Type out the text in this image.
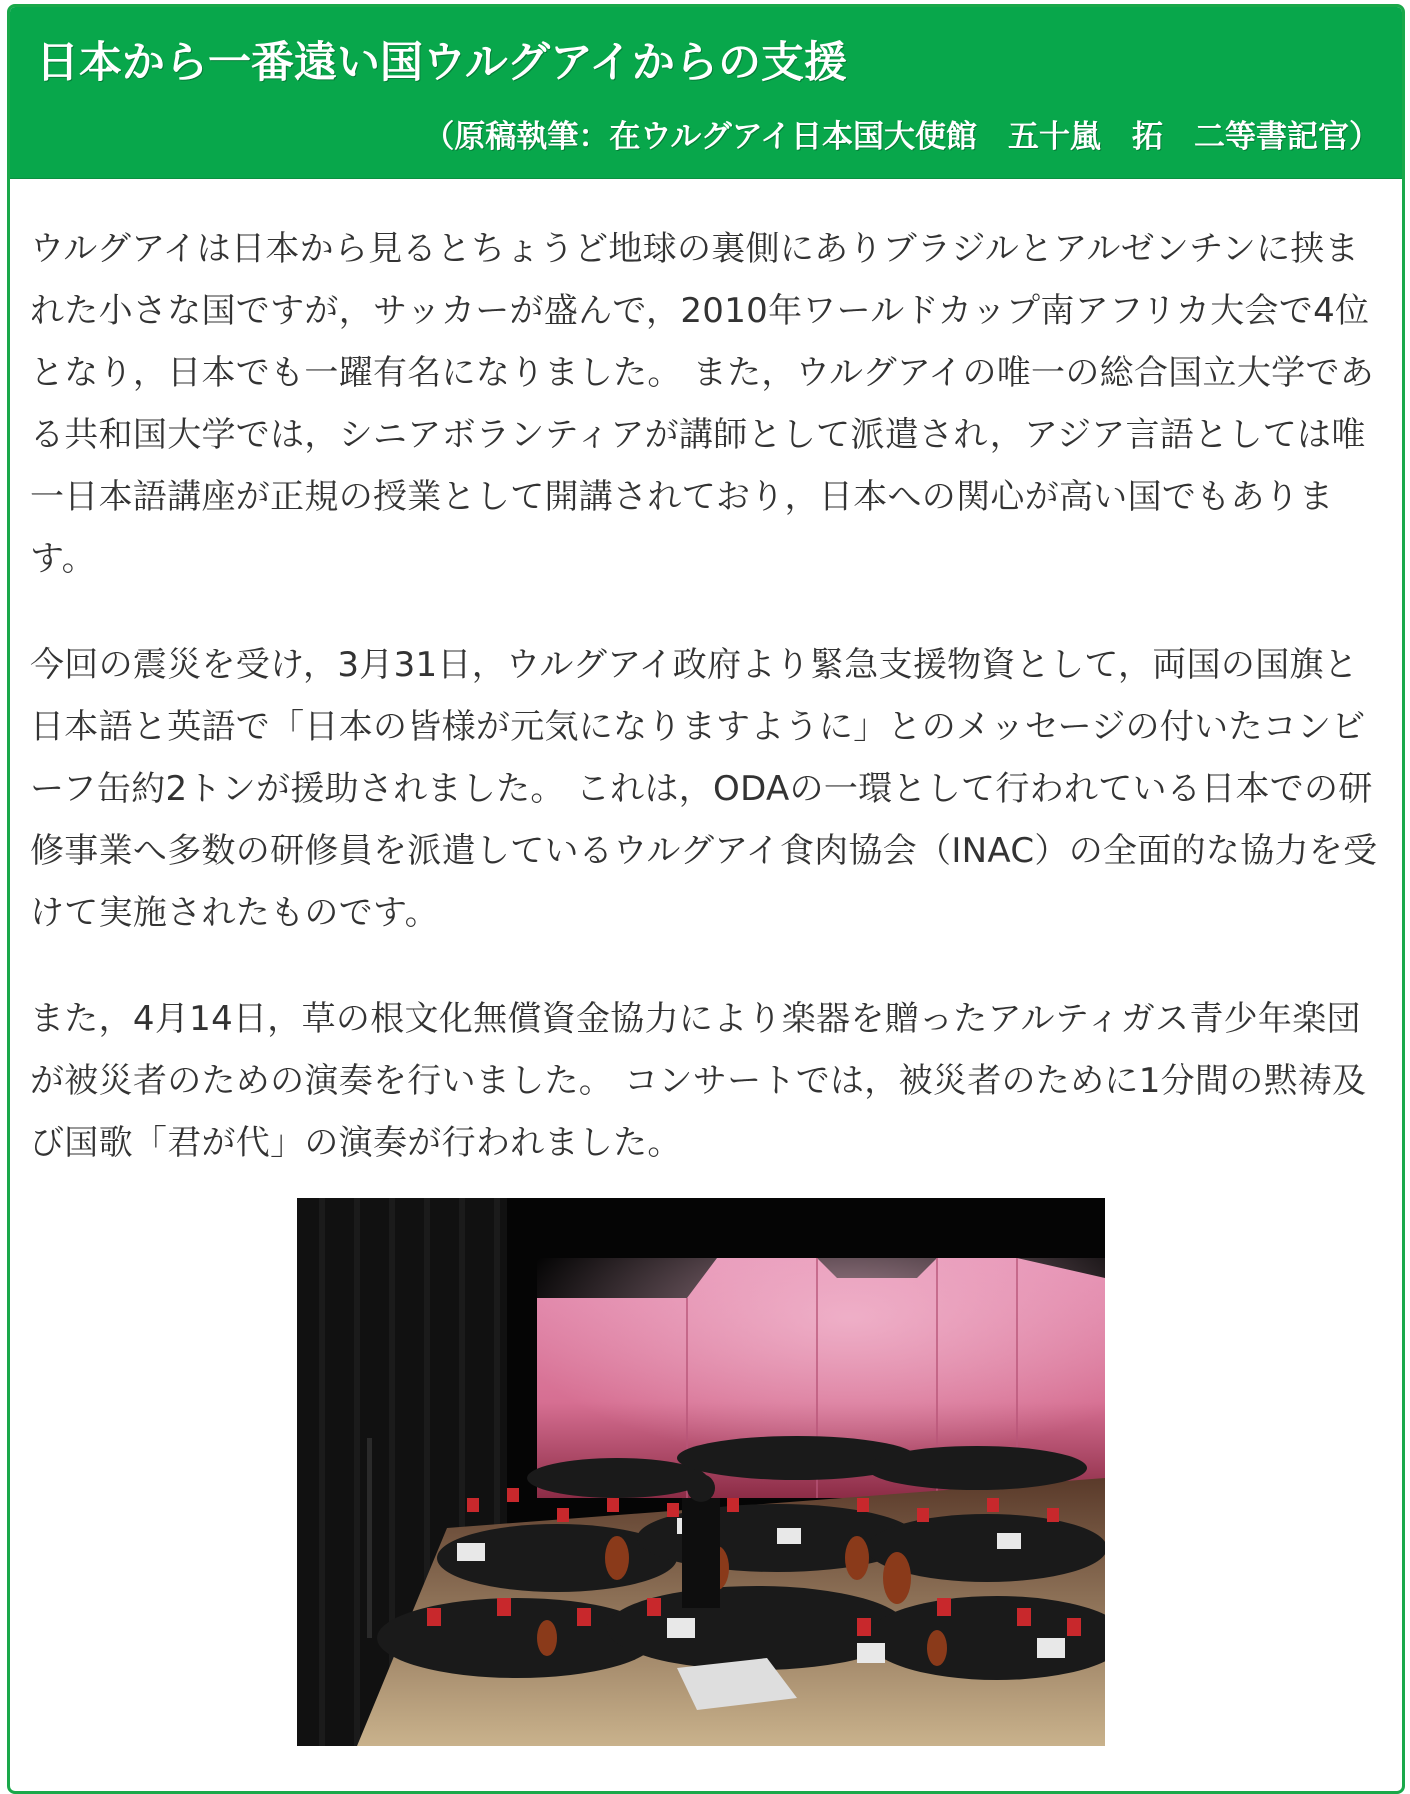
日本から一番遠い国ウルグアイからの支援

（原稿執筆：在ウルグアイ日本国大使館　五十嵐　拓　二等書記官）

ウルグアイは日本から見るとちょうど地球の裏側にありブラジルとアルゼンチンに挟まれた小さな国ですが，サッカーが盛んで，2010年ワールドカップ南アフリカ大会で4位となり，日本でも一躍有名になりました。 また，ウルグアイの唯一の総合国立大学である共和国大学では，シニアボランティアが講師として派遣され，アジア言語としては唯一日本語講座が正規の授業として開講されており，日本への関心が高い国でもあります。

今回の震災を受け，3月31日，ウルグアイ政府より緊急支援物資として，両国の国旗と日本語と英語で「日本の皆様が元気になりますように」とのメッセージの付いたコンビーフ缶約2トンが援助されました。 これは，ODAの一環として行われている日本での研修事業へ多数の研修員を派遣しているウルグアイ食肉協会（INAC）の全面的な協力を受けて実施されたものです。

また，4月14日，草の根文化無償資金協力により楽器を贈ったアルティガス青少年楽団が被災者のための演奏を行いました。 コンサートでは，被災者のために1分間の黙祷及び国歌「君が代」の演奏が行われました。
